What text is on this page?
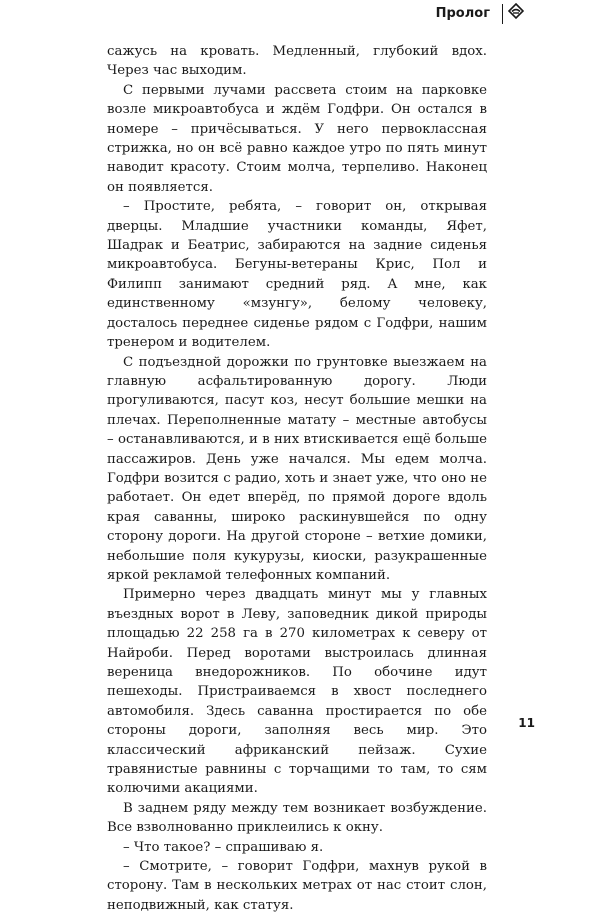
Пролог

сажусь на кровать. Медленный, глубокий вдох. Через час выходим.

С первыми лучами рассвета стоим на парковке возле микроавтобуса и ждём Годфри. Он остался в номере – причёсываться. У него первоклассная стрижка, но он всё равно каждое утро по пять минут наводит красоту. Стоим молча, терпеливо. Наконец он появляется.

– Простите, ребята, – говорит он, открывая дверцы. Младшие участники команды, Яфет, Шадрак и Беатрис, забираются на задние сиденья микроавтобуса. Бегуны-ветераны Крис, Пол и Филипп занимают средний ряд. А мне, как единственному «мзунгу», белому человеку, досталось переднее сиденье рядом с Годфри, нашим тренером и водителем.

С подъездной дорожки по грунтовке выезжаем на главную асфальтированную дорогу. Люди прогуливаются, пасут коз, несут большие мешки на плечах. Переполненные матату – местные автобусы – останавливаются, и в них втискивается ещё больше пассажиров. День уже начался. Мы едем молча. Годфри возится с радио, хоть и знает уже, что оно не работает. Он едет вперёд, по прямой дороге вдоль края саванны, широко раскинувшейся по одну сторону дороги. На другой стороне – ветхие домики, небольшие поля кукурузы, киоски, разукрашенные яркой рекламой телефонных компаний.

Примерно через двадцать минут мы у главных въездных ворот в Леву, заповедник дикой природы площадью 22 258 га в 270 километрах к северу от Найроби. Перед воротами выстроилась длинная вереница внедорожников. По обочине идут пешеходы. Пристраиваемся в хвост последнего автомобиля. Здесь саванна простирается по обе стороны дороги, заполняя весь мир. Это классический африканский пейзаж. Сухие травянистые равнины с торчащими то там, то сям колючими акациями.

В заднем ряду между тем возникает возбуждение. Все взволнованно приклеились к окну.

– Что такое? – спрашиваю я.

– Смотрите, – говорит Годфри, махнув рукой в сторону. Там в нескольких метрах от нас стоит слон, неподвижный, как статуя.

11
